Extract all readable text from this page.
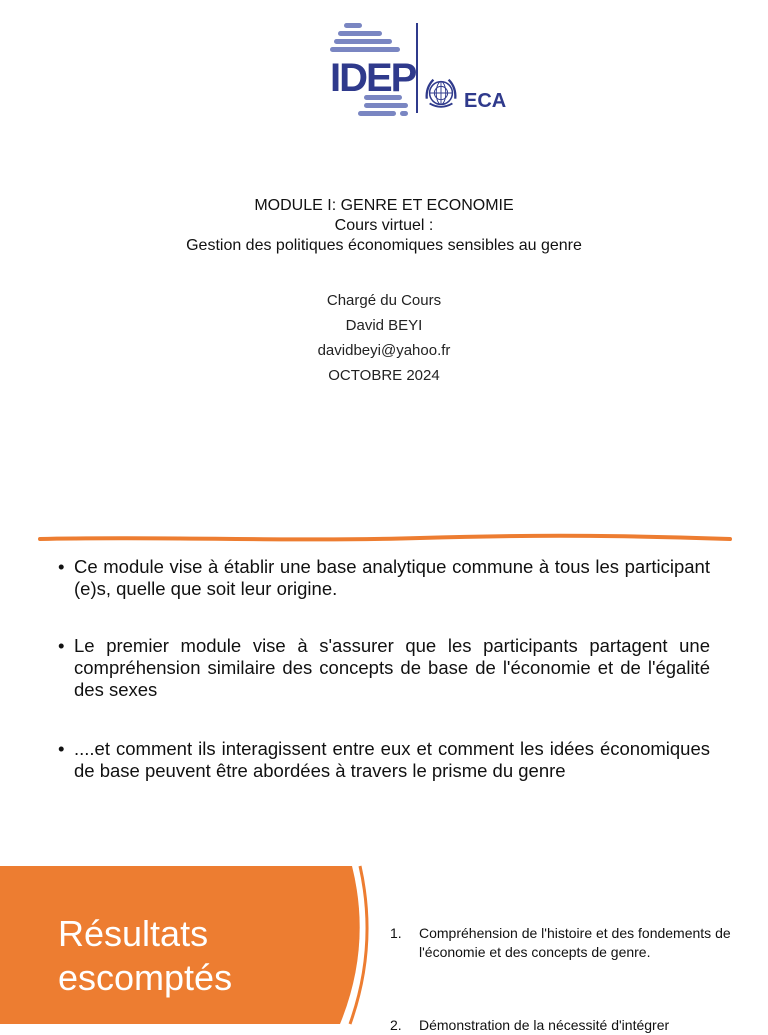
IDEP
ECA
MODULE I: GENRE ET ECONOMIE
Cours virtuel :
Gestion des politiques économiques sensibles au genre
Chargé du Cours
David BEYI
davidbeyi@yahoo.fr
OCTOBRE 2024
• Ce module vise à établir une base analytique commune à tous les participant (e)s, quelle que soit leur origine.
• Le premier module vise à s'assurer que les participants partagent une compréhension similaire des concepts de base de l'économie et de l'égalité des sexes
• ....et comment ils interagissent entre eux et comment les idées économiques de base peuvent être abordées à travers le prisme du genre
Résultats escomptés
1. Compréhension de l'histoire et des fondements de l'économie et des concepts de genre.
2. Démonstration de la nécessité d'intégrer
